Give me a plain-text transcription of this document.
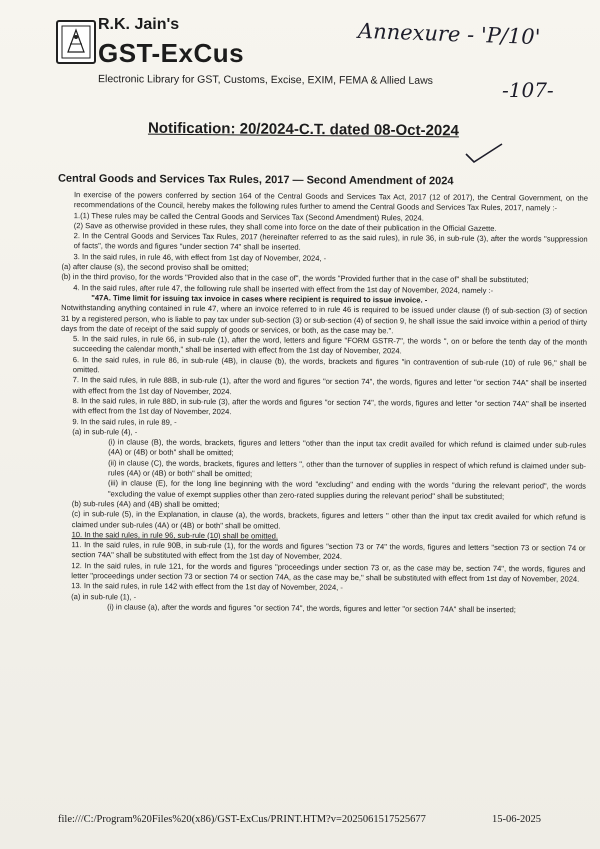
R.K. Jain's
GST-ExCus
Electronic Library for GST, Customs, Excise, EXIM, FEMA & Allied Laws
Annexure - 'P/10'
-107-
Notification: 20/2024-C.T. dated 08-Oct-2024
Central Goods and Services Tax Rules, 2017 — Second Amendment of 2024

In exercise of the powers conferred by section 164 of the Central Goods and Services Tax Act, 2017 (12 of 2017), the Central Government, on the recommendations of the Council, hereby makes the following rules further to amend the Central Goods and Services Tax Rules, 2017, namely :-

1.(1) These rules may be called the Central Goods and Services Tax (Second Amendment) Rules, 2024.

(2) Save as otherwise provided in these rules, they shall come into force on the date of their publication in the Official Gazette.

2. In the Central Goods and Services Tax Rules, 2017 (hereinafter referred to as the said rules), in rule 36, in sub-rule (3), after the words "suppression of facts", the words and figures "under section 74" shall be inserted.

3. In the said rules, in rule 46, with effect from 1st day of November, 2024, -

(a) after clause (s), the second proviso shall be omitted;

(b) in the third proviso, for the words "Provided also that in the case of", the words "Provided further that in the case of" shall be substituted;

4. In the said rules, after rule 47, the following rule shall be inserted with effect from the 1st day of November, 2024, namely :-

"47A. Time limit for issuing tax invoice in cases where recipient is required to issue invoice. -

Notwithstanding anything contained in rule 47, where an invoice referred to in rule 46 is required to be issued under clause (f) of sub-section (3) of section 31 by a registered person, who is liable to pay tax under sub-section (3) or sub-section (4) of section 9, he shall issue the said invoice within a period of thirty days from the date of receipt of the said supply of goods or services, or both, as the case may be.".

5. In the said rules, in rule 66, in sub-rule (1), after the word, letters and figure "FORM GSTR-7", the words ", on or before the tenth day of the month succeeding the calendar month," shall be inserted with effect from the 1st day of November, 2024.

6. In the said rules, in rule 86, in sub-rule (4B), in clause (b), the words, brackets and figures "in contravention of sub-rule (10) of rule 96," shall be omitted.

7. In the said rules, in rule 88B, in sub-rule (1), after the word and figures "or section 74", the words, figures and letter "or section 74A" shall be inserted with effect from the 1st day of November, 2024.

8. In the said rules, in rule 88D, in sub-rule (3), after the words and figures "or section 74", the words, figures and letter "or section 74A" shall be inserted with effect from the 1st day of November, 2024.

9. In the said rules, in rule 89, -

(a) in sub-rule (4), -

(i) in clause (B), the words, brackets, figures and letters "other than the input tax credit availed for which refund is claimed under sub-rules (4A) or (4B) or both" shall be omitted;

(ii) in clause (C), the words, brackets, figures and letters ", other than the turnover of supplies in respect of which refund is claimed under sub- rules (4A) or (4B) or both" shall be omitted;

(iii) in clause (E), for the long line beginning with the word "excluding" and ending with the words "during the relevant period", the words "excluding the value of exempt supplies other than zero-rated supplies during the relevant period" shall be substituted;

(b) sub-rules (4A) and (4B) shall be omitted;

(c) in sub-rule (5), in the Explanation, in clause (a), the words, brackets, figures and letters " other than the input tax credit availed for which refund is claimed under sub-rules (4A) or (4B) or both" shall be omitted.

10. In the said rules, in rule 96, sub-rule (10) shall be omitted.

11. In the said rules, in rule 90B, in sub-rule (1), for the words and figures "section 73 or 74" the words, figures and letters "section 73 or section 74 or section 74A" shall be substituted with effect from the 1st day of November, 2024.

12. In the said rules, in rule 121, for the words and figures "proceedings under section 73 or, as the case may be, section 74", the words, figures and letter "proceedings under section 73 or section 74 or section 74A, as the case may be," shall be substituted with effect from 1st day of November, 2024.

13. In the said rules, in rule 142 with effect from the 1st day of November, 2024, -

(a) in sub-rule (1), -

(i) in clause (a), after the words and figures "or section 74", the words, figures and letter "or section 74A" shall be inserted;

file:///C:/Program%20Files%20(x86)/GST-ExCus/PRINT.HTM?v=2025061517525677	15-06-2025
